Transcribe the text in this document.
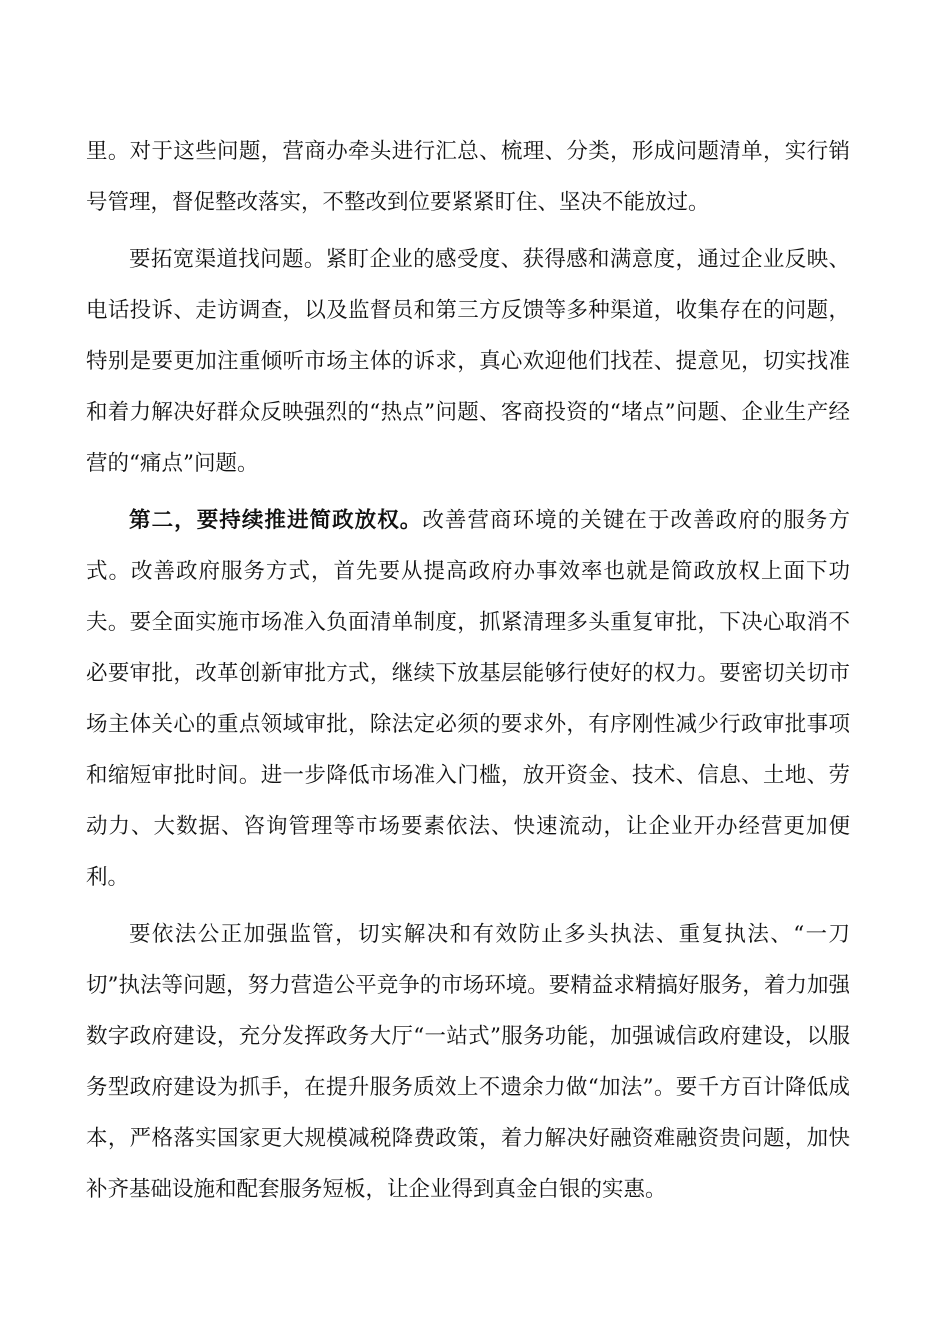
里。对于这些问题，营商办牵头进行汇总、梳理、分类，形成问题清单，实行销号管理，督促整改落实，不整改到位要紧紧盯住、坚决不能放过。

要拓宽渠道找问题。紧盯企业的感受度、获得感和满意度，通过企业反映、电话投诉、走访调查，以及监督员和第三方反馈等多种渠道，收集存在的问题，特别是要更加注重倾听市场主体的诉求，真心欢迎他们找茬、提意见，切实找准和着力解决好群众反映强烈的“热点”问题、客商投资的“堵点”问题、企业生产经营的“痛点”问题。

第二，要持续推进简政放权。改善营商环境的关键在于改善政府的服务方式。改善政府服务方式，首先要从提高政府办事效率也就是简政放权上面下功夫。要全面实施市场准入负面清单制度，抓紧清理多头重复审批，下决心取消不必要审批，改革创新审批方式，继续下放基层能够行使好的权力。要密切关切市场主体关心的重点领域审批，除法定必须的要求外，有序刚性减少行政审批事项和缩短审批时间。进一步降低市场准入门槛，放开资金、技术、信息、土地、劳动力、大数据、咨询管理等市场要素依法、快速流动，让企业开办经营更加便利。

要依法公正加强监管，切实解决和有效防止多头执法、重复执法、“一刀切”执法等问题，努力营造公平竞争的市场环境。要精益求精搞好服务，着力加强数字政府建设，充分发挥政务大厅“一站式”服务功能，加强诚信政府建设，以服务型政府建设为抓手，在提升服务质效上不遗余力做“加法”。要千方百计降低成本，严格落实国家更大规模减税降费政策，着力解决好融资难融资贵问题，加快补齐基础设施和配套服务短板，让企业得到真金白银的实惠。
